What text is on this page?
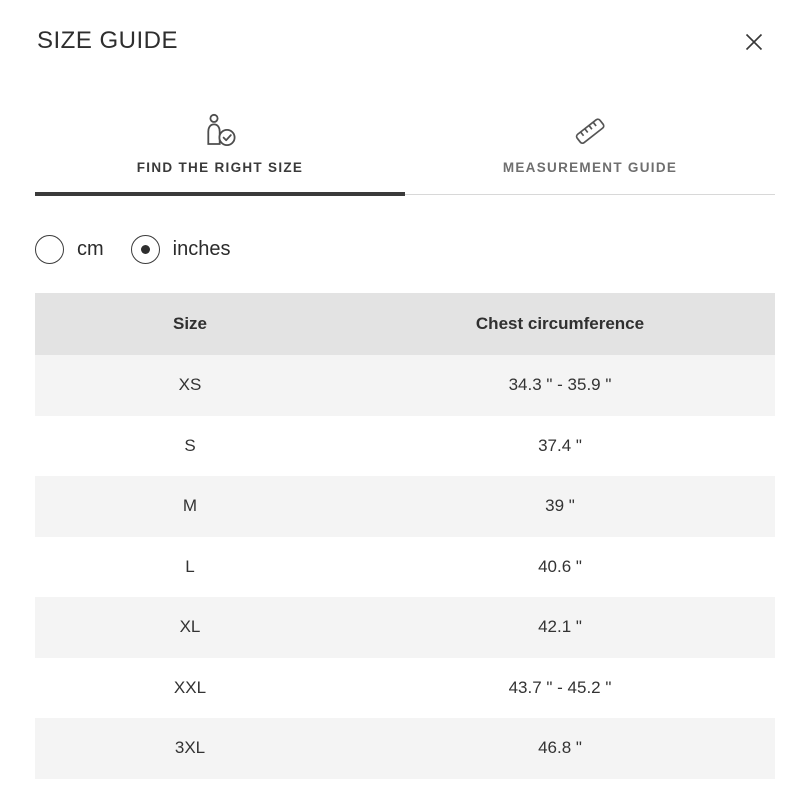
SIZE GUIDE
FIND THE RIGHT SIZE	MEASUREMENT GUIDE
cm	inches
Size	Chest circumference
XS	34.3 " - 35.9 "
S	37.4 "
M	39 "
L	40.6 "
XL	42.1 "
XXL	43.7 " - 45.2 "
3XL	46.8 "
